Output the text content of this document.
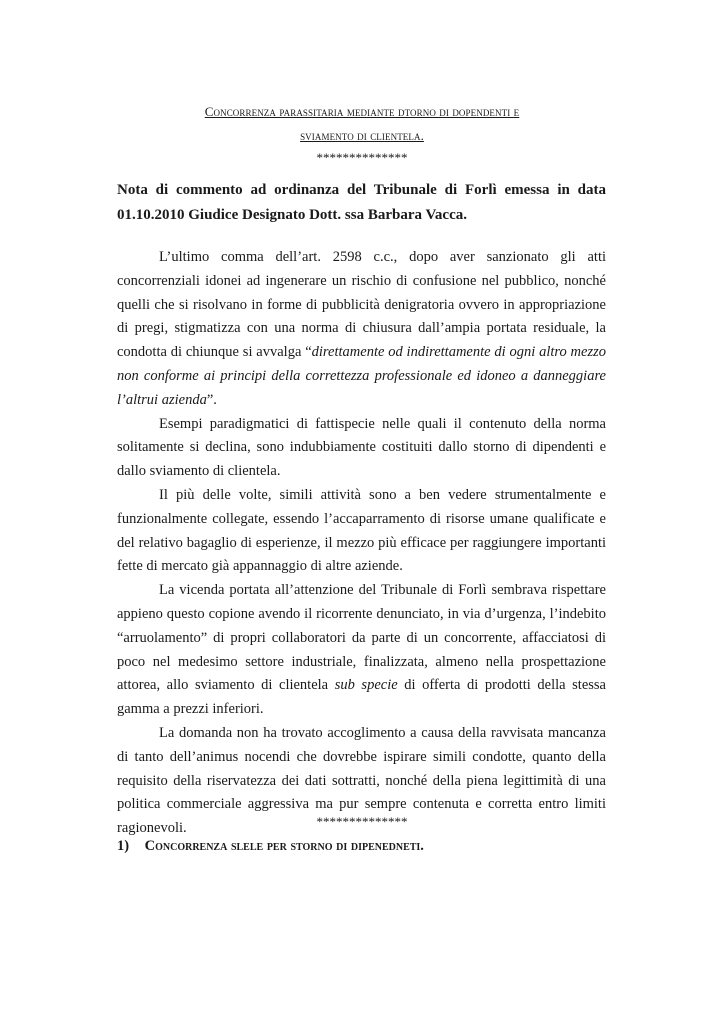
Concorrenza parassitaria mediante dtorno di dopendenti e
sviamento di clientela.
**************
Nota di commento ad ordinanza del Tribunale di Forlì emessa in data 01.10.2010 Giudice Designato Dott. ssa Barbara Vacca.

L’ultimo comma dell’art. 2598 c.c., dopo aver sanzionato gli atti concorrenziali idonei ad ingenerare un rischio di confusione nel pubblico, nonché quelli che si risolvano in forme di pubblicità denigratoria ovvero in appropriazione di pregi, stigmatizza con una norma di chiusura dall’ampia portata residuale, la condotta di chiunque si avvalga “direttamente od indirettamente di ogni altro mezzo non conforme ai principi della correttezza professionale ed idoneo a danneggiare l’altrui azienda”.

Esempi paradigmatici di fattispecie nelle quali il contenuto della norma solitamente si declina, sono indubbiamente costituiti dallo storno di dipendenti e dallo sviamento di clientela.

Il più delle volte, simili attività sono a ben vedere strumentalmente e funzionalmente collegate, essendo l’accaparramento di risorse umane qualificate e del relativo bagaglio di esperienze, il mezzo più efficace per raggiungere importanti fette di mercato già appannaggio di altre aziende.

La vicenda portata all’attenzione del Tribunale di Forlì sembrava rispettare appieno questo copione avendo il ricorrente denunciato, in via d’urgenza, l’indebito “arruolamento” di propri collaboratori da parte di un concorrente, affacciatosi di poco nel medesimo settore industriale, finalizzata, almeno nella prospettazione attorea, allo sviamento di clientela sub specie di offerta di prodotti della stessa gamma a prezzi inferiori.

La domanda non ha trovato accoglimento a causa della ravvisata mancanza di tanto dell’animus nocendi che dovrebbe ispirare simili condotte, quanto della requisito della riservatezza dei dati sottratti, nonché della piena legittimità di una politica commerciale aggressiva ma pur sempre contenuta e corretta entro limiti ragionevoli.	**************
1) Concorrenza slele per storno di dipenedneti.
